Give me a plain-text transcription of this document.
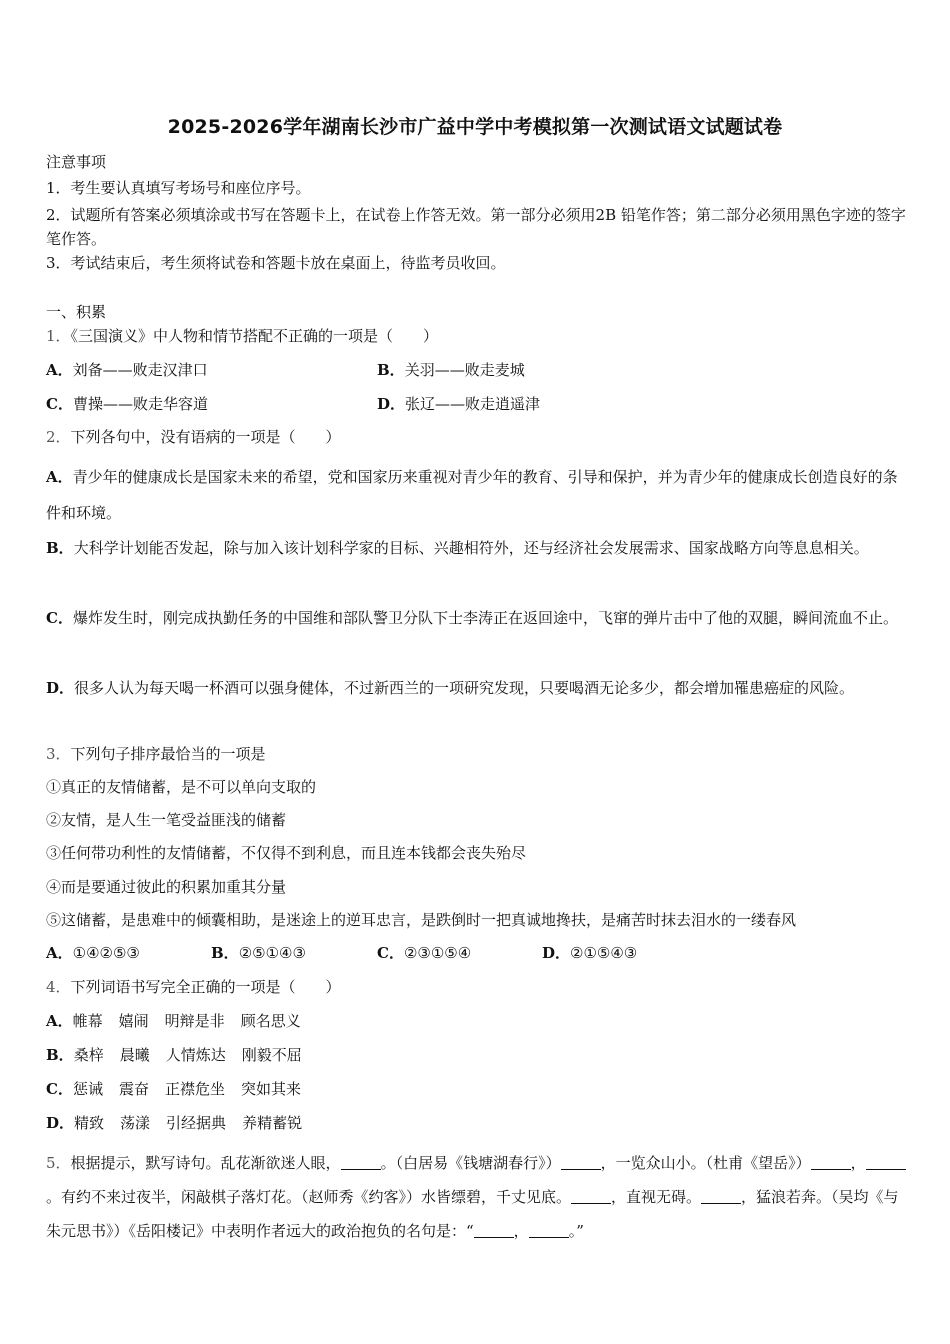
2025-2026学年湖南长沙市广益中学中考模拟第一次测试语文试题试卷
注意事项
1．考生要认真填写考场号和座位序号。
2．试题所有答案必须填涂或书写在答题卡上，在试卷上作答无效。第一部分必须用2B 铅笔作答；第二部分必须用黑色字迹的签字笔作答。
3．考试结束后，考生须将试卷和答题卡放在桌面上，待监考员收回。
一、积累
1．《三国演义》中人物和情节搭配不正确的一项是（　　）
A．刘备——败走汉津口	B．关羽——败走麦城
C．曹操——败走华容道	D．张辽——败走逍遥津
2．下列各句中，没有语病的一项是（　　）
A．青少年的健康成长是国家未来的希望，党和国家历来重视对青少年的教育、引导和保护，并为青少年的健康成长创造良好的条件和环境。
B．大科学计划能否发起，除与加入该计划科学家的目标、兴趣相符外，还与经济社会发展需求、国家战略方向等息息相关。
C．爆炸发生时，刚完成执勤任务的中国维和部队警卫分队下士李涛正在返回途中，飞窜的弹片击中了他的双腿，瞬间流血不止。
D．很多人认为每天喝一杯酒可以强身健体，不过新西兰的一项研究发现，只要喝酒无论多少，都会增加罹患癌症的风险。
3．下列句子排序最恰当的一项是
①真正的友情储蓄，是不可以单向支取的
②友情，是人生一笔受益匪浅的储蓄
③任何带功利性的友情储蓄，不仅得不到利息，而且连本钱都会丧失殆尽
④而是要通过彼此的积累加重其分量
⑤这储蓄，是患难中的倾囊相助，是迷途上的逆耳忠言，是跌倒时一把真诚地搀扶，是痛苦时抹去泪水的一缕春风
A．①④②⑤③	B．②⑤①④③	C．②③①⑤④	D．②①⑤④③
4．下列词语书写完全正确的一项是（　　）
A．帷幕 嬉闹 明辩是非 顾名思义
B．桑梓 晨曦 人情炼达 刚毅不屈
C．惩诫 震奋 正襟危坐 突如其来
D．精致 荡漾 引经据典 养精蓄锐
5．根据提示，默写诗句。乱花渐欲迷人眼，	。（白居易《钱塘湖春行》）	，一览众山小。（杜甫《望岳》）	，。有约不来过夜半，闲敲棋子落灯花。（赵师秀《约客》）水皆缥碧，千丈见底。	，直视无碍。	，猛浪若奔。（吴均《与朱元思书》）《岳阳楼记》中表明作者远大的政治抱负的名句是：“	，	。”
